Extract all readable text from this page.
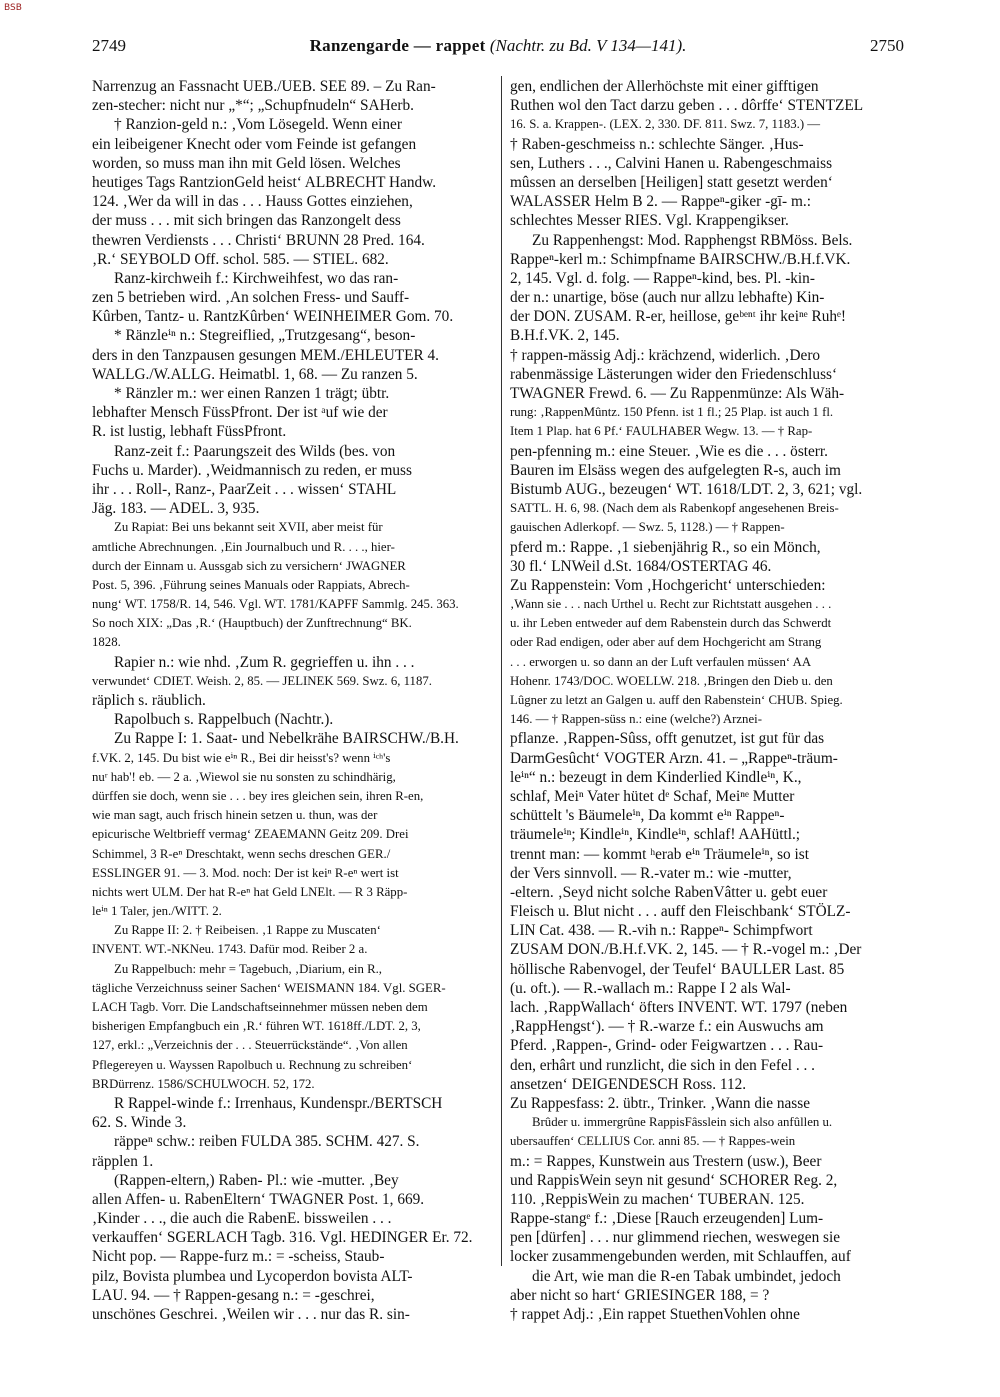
BSB
2749	Ranzengarde — rappet (Nachtr. zu Bd. V 134—141).	2750
Narrenzug an Fassnacht UEB./UEB. SEE 89. – Zu Ran-
zen-stecher: nicht nur „*“; „Schupfnudeln“ SAHerb.
† Ranzion-geld n.: ‚Vom Lösegeld. Wenn einer
ein leibeigener Knecht oder vom Feinde ist gefangen
worden, so muss man ihn mit Geld lösen. Welches
heutiges Tags RantzionGeld heist‘ ALBRECHT Handw.
124. ‚Wer da will in das . . . Hauss Gottes einziehen,
der muss . . . mit sich bringen das Ranzongelt dess
thewren Verdiensts . . . Christi‘ BRUNN 28 Pred. 164.
‚R.‘ SEYBOLD Off. schol. 585. — STIEL. 682.
Ranz-kirchweih f.: Kirchweihfest, wo das ran-
zen 5 betrieben wird. ‚An solchen Fress- und Sauff-
Kûrben, Tantz- u. RantzKûrben‘ WEINHEIMER Gom. 70.
* Ränzleⁱⁿ n.: Stegreiflied, „Trutzgesang“, beson-
ders in den Tanzpausen gesungen MEM./EHLEUTER 4.
WALLG./W.ALLG. Heimatbl. 1, 68. — Zu ranzen 5.
* Ränzler m.: wer einen Ranzen 1 trägt; übtr.
lebhafter Mensch FüssPfront. Der ist ᵃuf wie der
R. ist lustig, lebhaft FüssPfront.
Ranz-zeit f.: Paarungszeit des Wilds (bes. von
Fuchs u. Marder). ‚Weidmannisch zu reden, er muss
ihr . . . Roll-, Ranz-, PaarZeit . . . wissen‘ STAHL
Jäg. 183. — ADEL. 3, 935.
Zu Rapiat: Bei uns bekannt seit XVII, aber meist für
amtliche Abrechnungen. ‚Ein Journalbuch und R. . . ., hier-
durch der Einnam u. Aussgab sich zu versichern‘ JWAGNER
Post. 5, 396. ‚Führung seines Manuals oder Rappiats, Abrech-
nung‘ WT. 1758/R. 14, 546. Vgl. WT. 1781/KAPFF Sammlg. 245. 363.
So noch XIX: „Das ‚R.‘ (Hauptbuch) der Zunftrechnung“ BK.
1828.
Rapier n.: wie nhd. ‚Zum R. gegrieffen u. ihn . . .
verwundet‘ CDIET. Weish. 2, 85. — JELINEK 569. Swz. 6, 1187.
räplich s. räublich.
Rapolbuch s. Rappelbuch (Nachtr.).
Zu Rappe I: 1. Saat- und Nebelkrähe BAIRSCHW./B.H.
f.VK. 2, 145. Du bist wie eⁱⁿ R., Bei dir heisst's? wenn ⁱᶜʰ's
nuʳ hab'! eb. — 2 a. ‚Wiewol sie nu sonsten zu schindhärig,
dürffen sie doch, wenn sie . . . bey ires gleichen sein, ihren R-en,
wie man sagt, auch frisch hinein setzen u. thun, was der
epicurische Weltbrieff vermag‘ ZEAEMANN Geitz 209. Drei
Schimmel, 3 R-eⁿ Dreschtakt, wenn sechs dreschen GER./
ESSLINGER 91. — 3. Mod. noch: Der ist keiⁿ R-eⁿ wert ist
nichts wert ULM. Der hat R-eⁿ hat Geld LNElt. — R 3 Räpp-
leⁱⁿ 1 Taler, jen./WITT. 2.
Zu Rappe II: 2. † Reibeisen. ‚1 Rappe zu Muscaten‘
INVENT. WT.-NKNeu. 1743. Dafür mod. Reiber 2 a.
Zu Rappelbuch: mehr = Tagebuch, ‚Diarium, ein R.,
tägliche Verzeichnuss seiner Sachen‘ WEISMANN 184. Vgl. SGER-
LACH Tagb. Vorr. Die Landschaftseinnehmer müssen neben dem
bisherigen Empfangbuch ein ‚R.‘ führen WT. 1618ff./LDT. 2, 3,
127, erkl.: „Verzeichnis der . . . Steuerrückstände“. ‚Von allen
Pflegereyen u. Wayssen Rapolbuch u. Rechnung zu schreiben‘
BRDürrenz. 1586/SCHULWOCH. 52, 172.
R Rappel-winde f.: Irrenhaus, Kundenspr./BERTSCH
62. S. Winde 3.
räppeⁿ schw.: reiben FULDA 385. SCHM. 427. S.
räpplen 1.
(Rappen-eltern,) Raben- Pl.: wie -mutter. ‚Bey
allen Affen- u. RabenEltern‘ TWAGNER Post. 1, 669.
‚Kinder . . ., die auch die RabenE. bissweilen . . .
verkauffen‘ SGERLACH Tagb. 316. Vgl. HEDINGER Er. 72.
Nicht pop. — Rappe-furz m.: = -scheiss, Staub-
pilz, Bovista plumbea und Lycoperdon bovista ALT-
LAU. 94. — † Rappen-gesang n.: = -geschrei,
unschönes Geschrei. ‚Weilen wir . . . nur das R. sin-
gen, endlichen der Allerhöchste mit einer gifftigen
Ruthen wol den Tact darzu geben . . . dôrffe‘ STENTZEL
16. S. a. Krappen-. (LEX. 2, 330. DF. 811. Swz. 7, 1183.) —
† Raben-geschmeiss n.: schlechte Sänger. ‚Hus-
sen, Luthers . . ., Calvini Hanen u. Rabengeschmaiss
mûssen an derselben [Heiligen] statt gesetzt werden‘
WALASSER Helm B 2. — Rappeⁿ-giker -gī- m.:
schlechtes Messer RIES. Vgl. Krappengikser.
Zu Rappenhengst: Mod. Rapphengst RBMöss. Bels.
Rappeⁿ-kerl m.: Schimpfname BAIRSCHW./B.H.f.VK.
2, 145. Vgl. d. folg. — Rappeⁿ-kind, bes. Pl. -kin-
der n.: unartige, böse (auch nur allzu lebhafte) Kin-
der DON. ZUSAM. R-er, heillose, geᵇᵉⁿᵗ ihr keiⁿᵉ Ruhᵉ!
B.H.f.VK. 2, 145.
† rappen-mässig Adj.: krächzend, widerlich. ‚Dero
rabenmässige Lästerungen wider den Friedenschluss‘
TWAGNER Frewd. 6. — Zu Rappenmünze: Als Wäh-
rung: ‚RappenMûntz. 150 Pfenn. ist 1 fl.; 25 Plap. ist auch 1 fl.
Item 1 Plap. hat 6 Pf.‘ FAULHABER Wegw. 13. — † Rap-
pen-pfenning m.: eine Steuer. ‚Wie es die . . . österr.
Bauren im Elsäss wegen des aufgelegten R-s, auch im
Bistumb AUG., bezeugen‘ WT. 1618/LDT. 2, 3, 621; vgl.
SATTL. H. 6, 98. (Nach dem als Rabenkopf angesehenen Breis-
gauischen Adlerkopf. — Swz. 5, 1128.) — † Rappen-
pferd m.: Rappe. ‚1 siebenjährig R., so ein Mönch,
30 fl.‘ LNWeil d.St. 1684/OSTERTAG 46.
Zu Rappenstein: Vom ‚Hochgericht‘ unterschieden:
‚Wann sie . . . nach Urthel u. Recht zur Richtstatt ausgehen . . .
u. ihr Leben entweder auf dem Rabenstein durch das Schwerdt
oder Rad endigen, oder aber auf dem Hochgericht am Strang
. . . erworgen u. so dann an der Luft verfaulen müssen‘ AA
Hohenr. 1743/DOC. WOELLW. 218. ‚Bringen den Dieb u. den
Lûgner zu letzt an Galgen u. auff den Rabenstein‘ CHUB. Spieg.
146. — † Rappen-süss n.: eine (welche?) Arznei-
pflanze. ‚Rappen-Sûss, offt genutzet, ist gut für das
DarmGesûcht‘ VOGTER Arzn. 41. – „Rappeⁿ-träum-
leⁱⁿ“ n.: bezeugt in dem Kinderlied Kindleⁱⁿ, K.,
schlaf, Meiⁿ Vater hütet dᵉ Schaf, Meiⁿᵉ Mutter
schüttelt 's Bäumeleⁱⁿ, Da kommt eⁱⁿ Rappeⁿ-
träumeleⁱⁿ; Kindleⁱⁿ, Kindleⁱⁿ, schlaf! AAHüttl.;
trennt man: — kommt ʰerab eⁱⁿ Träumeleⁱⁿ, so ist
der Vers sinnvoll. — R.-vater m.: wie -mutter,
-eltern. ‚Seyd nicht solche RabenVâtter u. gebt euer
Fleisch u. Blut nicht . . . auff den Fleischbank‘ STÖLZ-
LIN Cat. 438. — R.-vih n.: Rappeⁿ- Schimpfwort
ZUSAM DON./B.H.f.VK. 2, 145. — † R.-vogel m.: ‚Der
höllische Rabenvogel, der Teufel‘ BAULLER Last. 85
(u. oft.). — R.-wallach m.: Rappe I 2 als Wal-
lach. ‚RappWallach‘ öfters INVENT. WT. 1797 (neben
‚RappHengst‘). — † R.-warze f.: ein Auswuchs am
Pferd. ‚Rappen-, Grind- oder Feigwartzen . . . Rau-
den, erhârt und runzlicht, die sich in den Fefel . . .
ansetzen‘ DEIGENDESCH Ross. 112.
Zu Rappesfass: 2. übtr., Trinker. ‚Wann die nasse
Brûder u. immergrûne RappisFâsslein sich also anfûllen u.
ubersauffen‘ CELLIUS Cor. anni 85. — † Rappes-wein
m.: = Rappes, Kunstwein aus Trestern (usw.), Beer
und RappisWein seyn nit gesund‘ SCHORER Reg. 2,
110. ‚ReppisWein zu machen‘ TUBERAN. 125.
Rappe-stangᵉ f.: ‚Diese [Rauch erzeugenden] Lum-
pen [dürfen] . . . nur glimmend riechen, weswegen sie
locker zusammengebunden werden, mit Schlauffen, auf
die Art, wie man die R-en Tabak umbindet, jedoch
aber nicht so hart‘ GRIESINGER 188, = ?
† rappet Adj.: ‚Ein rappet StuethenVohlen ohne
